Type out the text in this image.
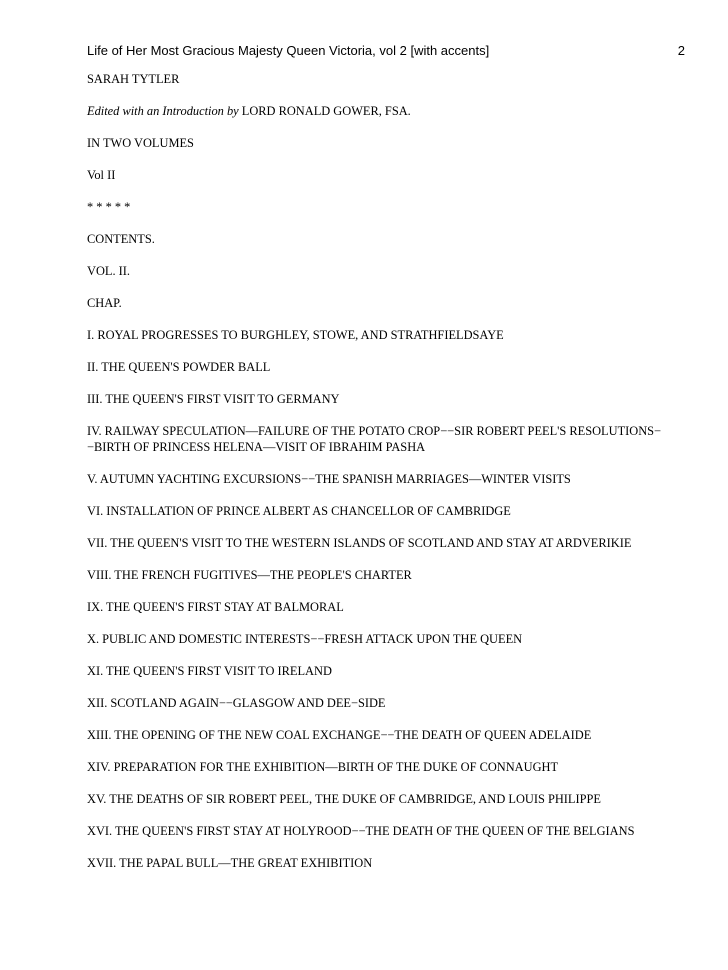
Life of Her Most Gracious Majesty Queen Victoria, vol 2 [with accents]	2

SARAH TYTLER

Edited with an Introduction by LORD RONALD GOWER, FSA.

IN TWO VOLUMES

Vol II

* * * * *

CONTENTS.

VOL. II.

CHAP.

I. ROYAL PROGRESSES TO BURGHLEY, STOWE, AND STRATHFIELDSAYE

II. THE QUEEN'S POWDER BALL

III. THE QUEEN'S FIRST VISIT TO GERMANY

IV. RAILWAY SPECULATION—FAILURE OF THE POTATO CROP−−SIR ROBERT PEEL'S RESOLUTIONS−−BIRTH OF PRINCESS HELENA—VISIT OF IBRAHIM PASHA

V. AUTUMN YACHTING EXCURSIONS−−THE SPANISH MARRIAGES—WINTER VISITS

VI. INSTALLATION OF PRINCE ALBERT AS CHANCELLOR OF CAMBRIDGE

VII. THE QUEEN'S VISIT TO THE WESTERN ISLANDS OF SCOTLAND AND STAY AT ARDVERIKIE

VIII. THE FRENCH FUGITIVES—THE PEOPLE'S CHARTER

IX. THE QUEEN'S FIRST STAY AT BALMORAL

X. PUBLIC AND DOMESTIC INTERESTS−−FRESH ATTACK UPON THE QUEEN

XI. THE QUEEN'S FIRST VISIT TO IRELAND

XII. SCOTLAND AGAIN−−GLASGOW AND DEE−SIDE

XIII. THE OPENING OF THE NEW COAL EXCHANGE−−THE DEATH OF QUEEN ADELAIDE

XIV. PREPARATION FOR THE EXHIBITION—BIRTH OF THE DUKE OF CONNAUGHT

XV. THE DEATHS OF SIR ROBERT PEEL, THE DUKE OF CAMBRIDGE, AND LOUIS PHILIPPE

XVI. THE QUEEN'S FIRST STAY AT HOLYROOD−−THE DEATH OF THE QUEEN OF THE BELGIANS

XVII. THE PAPAL BULL—THE GREAT EXHIBITION
